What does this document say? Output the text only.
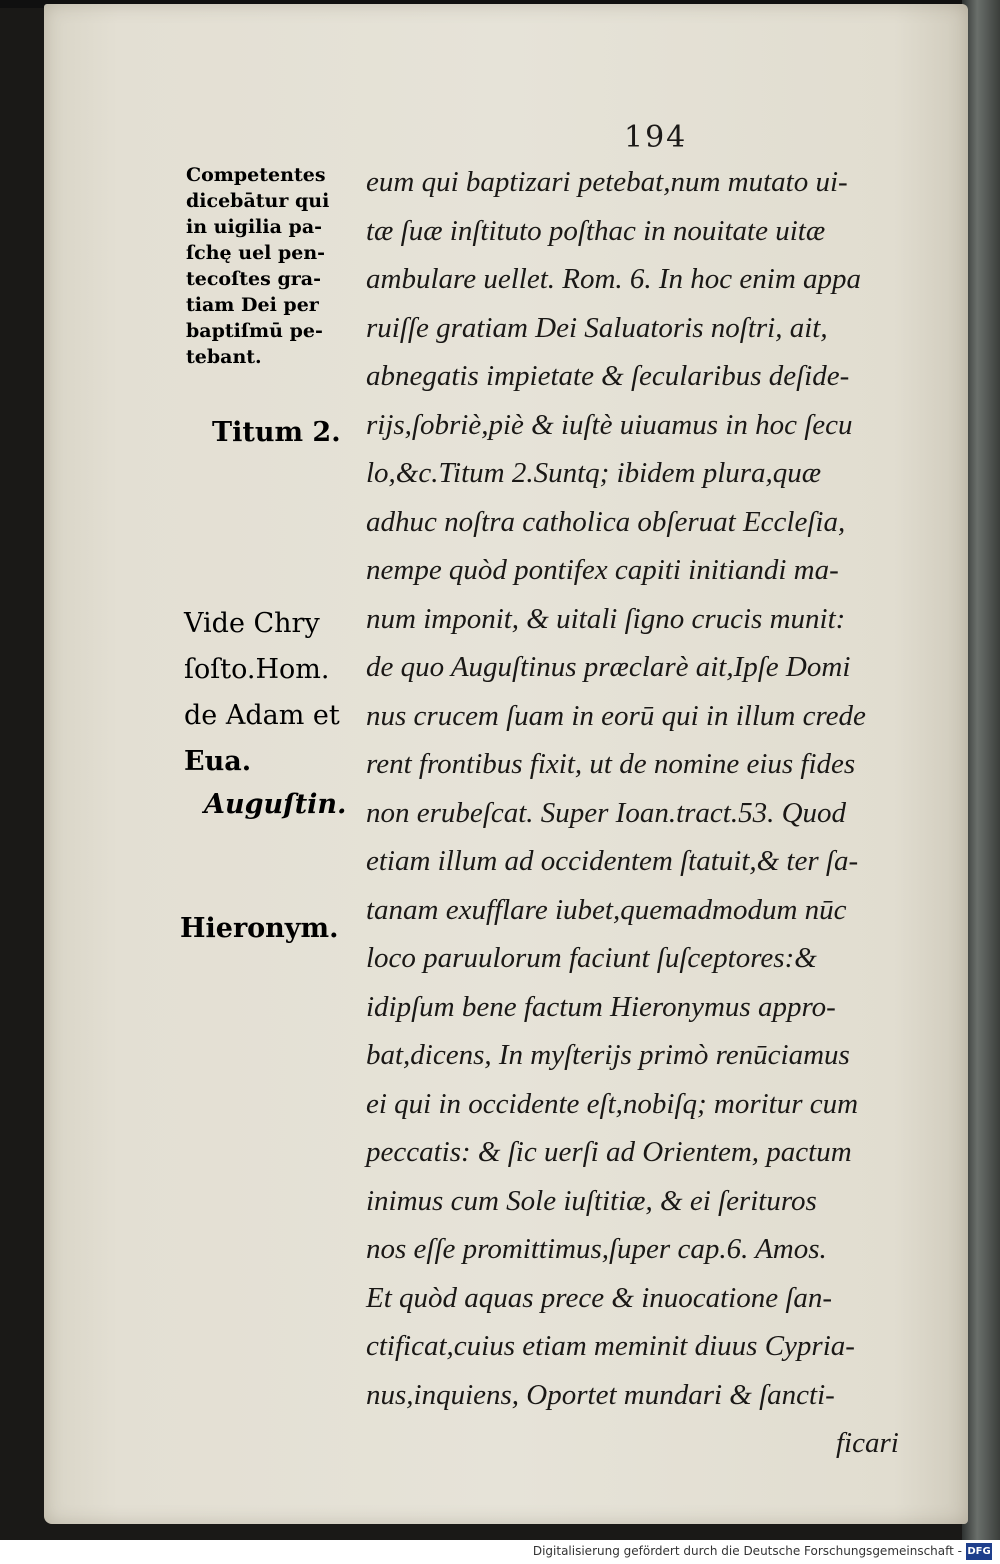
194
Competentes
dicebātur qui
in uigilia pa-
ſchę uel pen-
tecoſtes gra-
tiam Dei per
baptiſmū pe-
tebant.
Titum 2.
Vide Chry
ſoſto.Hom.
de Adam et
Eua.
Auguſtin.
Hieronym.
eum qui baptizari petebat,num mutato ui-
tæ ſuæ inſtituto poſthac in nouitate uitæ
ambulare uellet. Rom. 6. In hoc enim appa
ruiſſe gratiam Dei Saluatoris noſtri, ait,
abnegatis impietate & ſecularibus deſide-
rijs,ſobriè,piè & iuſtè uiuamus in hoc ſecu
lo,&c.Titum 2.Suntq; ibidem plura,quæ
adhuc noſtra catholica obſeruat Eccleſia,
nempe quòd pontifex capiti initiandi ma-
num imponit, & uitali ſigno crucis munit:
de quo Auguſtinus præclarè ait,Ipſe Domi
nus crucem ſuam in eorū qui in illum crede
rent frontibus fixit, ut de nomine eius fides
non erubeſcat. Super Ioan.tract.53. Quod
etiam illum ad occidentem ſtatuit,& ter ſa-
tanam exufflare iubet,quemadmodum nūc
loco paruulorum faciunt ſuſceptores:&
idipſum bene factum Hieronymus appro-
bat,dicens, In myſterijs primò renūciamus
ei qui in occidente eſt,nobiſq; moritur cum
peccatis: & ſic uerſi ad Orientem, pactum
inimus cum Sole iuſtitiæ, & ei ſerituros
nos eſſe promittimus,ſuper cap.6. Amos.
Et quòd aquas prece & inuocatione ſan-
ctificat,cuius etiam meminit diuus Cypria-
nus,inquiens, Oportet mundari & ſancti-
ficari
Digitalisierung gefördert durch die Deutsche Forschungsgemeinschaft - DFG
